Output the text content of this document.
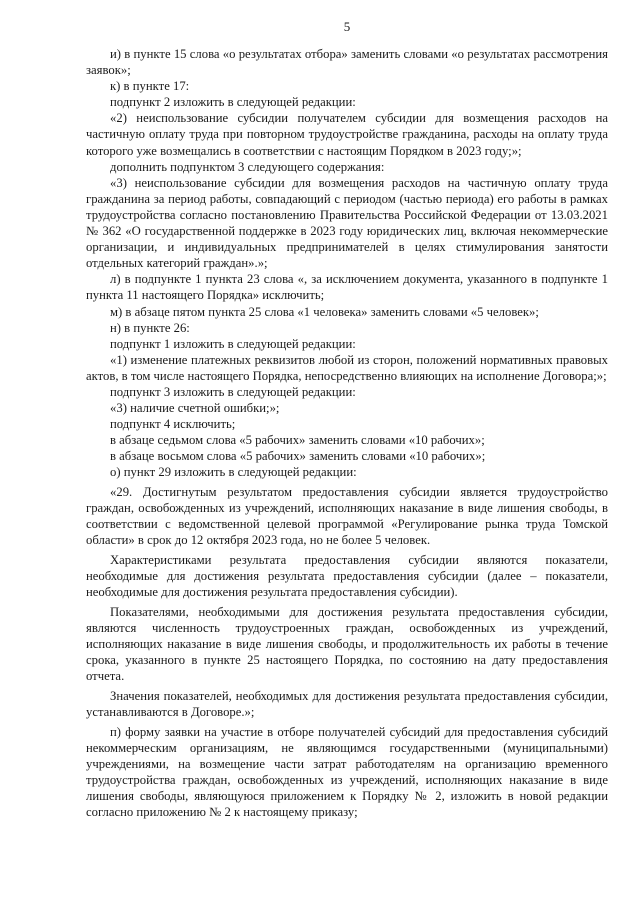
5

и) в пункте 15 слова «о результатах отбора» заменить словами «о результатах рассмотрения заявок»;

к) в пункте 17:

подпункт 2 изложить в следующей редакции:

«2) неиспользование субсидии получателем субсидии для возмещения расходов на частичную оплату труда при повторном трудоустройстве гражданина, расходы на оплату труда которого уже возмещались в соответствии с настоящим Порядком в 2023 году;»;

дополнить подпунктом 3 следующего содержания:

«3) неиспользование субсидии для возмещения расходов на частичную оплату труда гражданина за период работы, совпадающий с периодом (частью периода) его работы в рамках трудоустройства согласно постановлению Правительства Российской Федерации от 13.03.2021 № 362 «О государственной поддержке в 2023 году юридических лиц, включая некоммерческие организации, и индивидуальных предпринимателей в целях стимулирования занятости отдельных категорий граждан».»;

л) в подпункте 1 пункта 23 слова «, за исключением документа, указанного в подпункте 1 пункта 11 настоящего Порядка» исключить;

м) в абзаце пятом пункта 25 слова «1 человека» заменить словами «5 человек»;

н) в пункте 26:

подпункт 1 изложить в следующей редакции:

«1) изменение платежных реквизитов любой из сторон, положений нормативных правовых актов, в том числе настоящего Порядка, непосредственно влияющих на исполнение Договора;»;

подпункт 3 изложить в следующей редакции:

«3) наличие счетной ошибки;»;

подпункт 4 исключить;

в абзаце седьмом слова «5 рабочих» заменить словами «10 рабочих»;

в абзаце восьмом слова «5 рабочих» заменить словами «10 рабочих»;

о) пункт 29 изложить в следующей редакции:

«29. Достигнутым результатом предоставления субсидии является трудоустройство граждан, освобожденных из учреждений, исполняющих наказание в виде лишения свободы, в соответствии с ведомственной целевой программой «Регулирование рынка труда Томской области» в срок до 12 октября 2023 года, но не более 5 человек.

Характеристиками результата предоставления субсидии являются показатели, необходимые для достижения результата предоставления субсидии (далее – показатели, необходимые для достижения результата предоставления субсидии).

Показателями, необходимыми для достижения результата предоставления субсидии, являются численность трудоустроенных граждан, освобожденных из учреждений, исполняющих наказание в виде лишения свободы, и продолжительность их работы в течение срока, указанного в пункте 25 настоящего Порядка, по состоянию на дату предоставления отчета.

Значения показателей, необходимых для достижения результата предоставления субсидии, устанавливаются в Договоре.»;

п) форму заявки на участие в отборе получателей субсидий для предоставления субсидий некоммерческим организациям, не являющимся государственными (муниципальными) учреждениями, на возмещение части затрат работодателям на организацию временного трудоустройства граждан, освобожденных из учреждений, исполняющих наказание в виде лишения свободы, являющуюся приложением к Порядку № 2, изложить в новой редакции согласно приложению № 2 к настоящему приказу;
